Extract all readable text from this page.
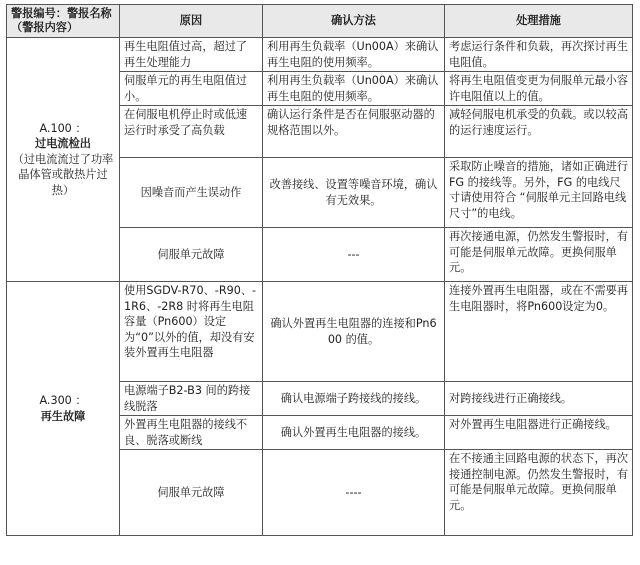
警报编号：警报名称（警报内容）	原因	确认方法	处理措施

A.100 ：
过电流检出
（过电流流过了功率晶体管或散热片过热）	再生电阻值过高，超过了再生处理能力	利用再生负载率（Un00A）来确认再生电阻的使用频率。	考虑运行条件和负载，再次探讨再生电阻值。
	伺服单元的再生电阻值过小。	利用再生负载率（Un00A）来确认再生电阻的使用频率。	将再生电阻值变更为伺服单元最小容许电阻值以上的值。
	在伺服电机停止时或低速运行时承受了高负载	确认运行条件是否在伺服驱动器的规格范围以外。	减轻伺服电机承受的负载。或以较高的运行速度运行。
	因噪音而产生误动作	改善接线、设置等噪音环境，确认有无效果。	采取防止噪音的措施，诸如正确进行FG 的接线等。另外，FG 的电线尺寸请使用符合 “伺服单元主回路电线尺寸”的电线。
	伺服单元故障	---	再次接通电源，仍然发生警报时，有可能是伺服单元故障。更换伺服单元。

A.300 ：
再生故障	使用SGDV-R70、-R90、-1R6、-2R8 时将再生电阻容量（Pn600）设定为“0”以外的值，却没有安装外置再生电阻器	确认外置再生电阻器的连接和Pn600 的值。	连接外置再生电阻器，或在不需要再生电阻器时，将Pn600设定为0。
	电源端子B2-B3 间的跨接线脱落	确认电源端子跨接线的接线。	对跨接线进行正确接线。
	外置再生电阻器的接线不良、脱落或断线	确认外置再生电阻器的接线。	对外置再生电阻器进行正确接线。
	伺服单元故障	----	在不接通主回路电源的状态下，再次接通控制电源。仍然发生警报时，有可能是伺服单元故障。更换伺服单元。
